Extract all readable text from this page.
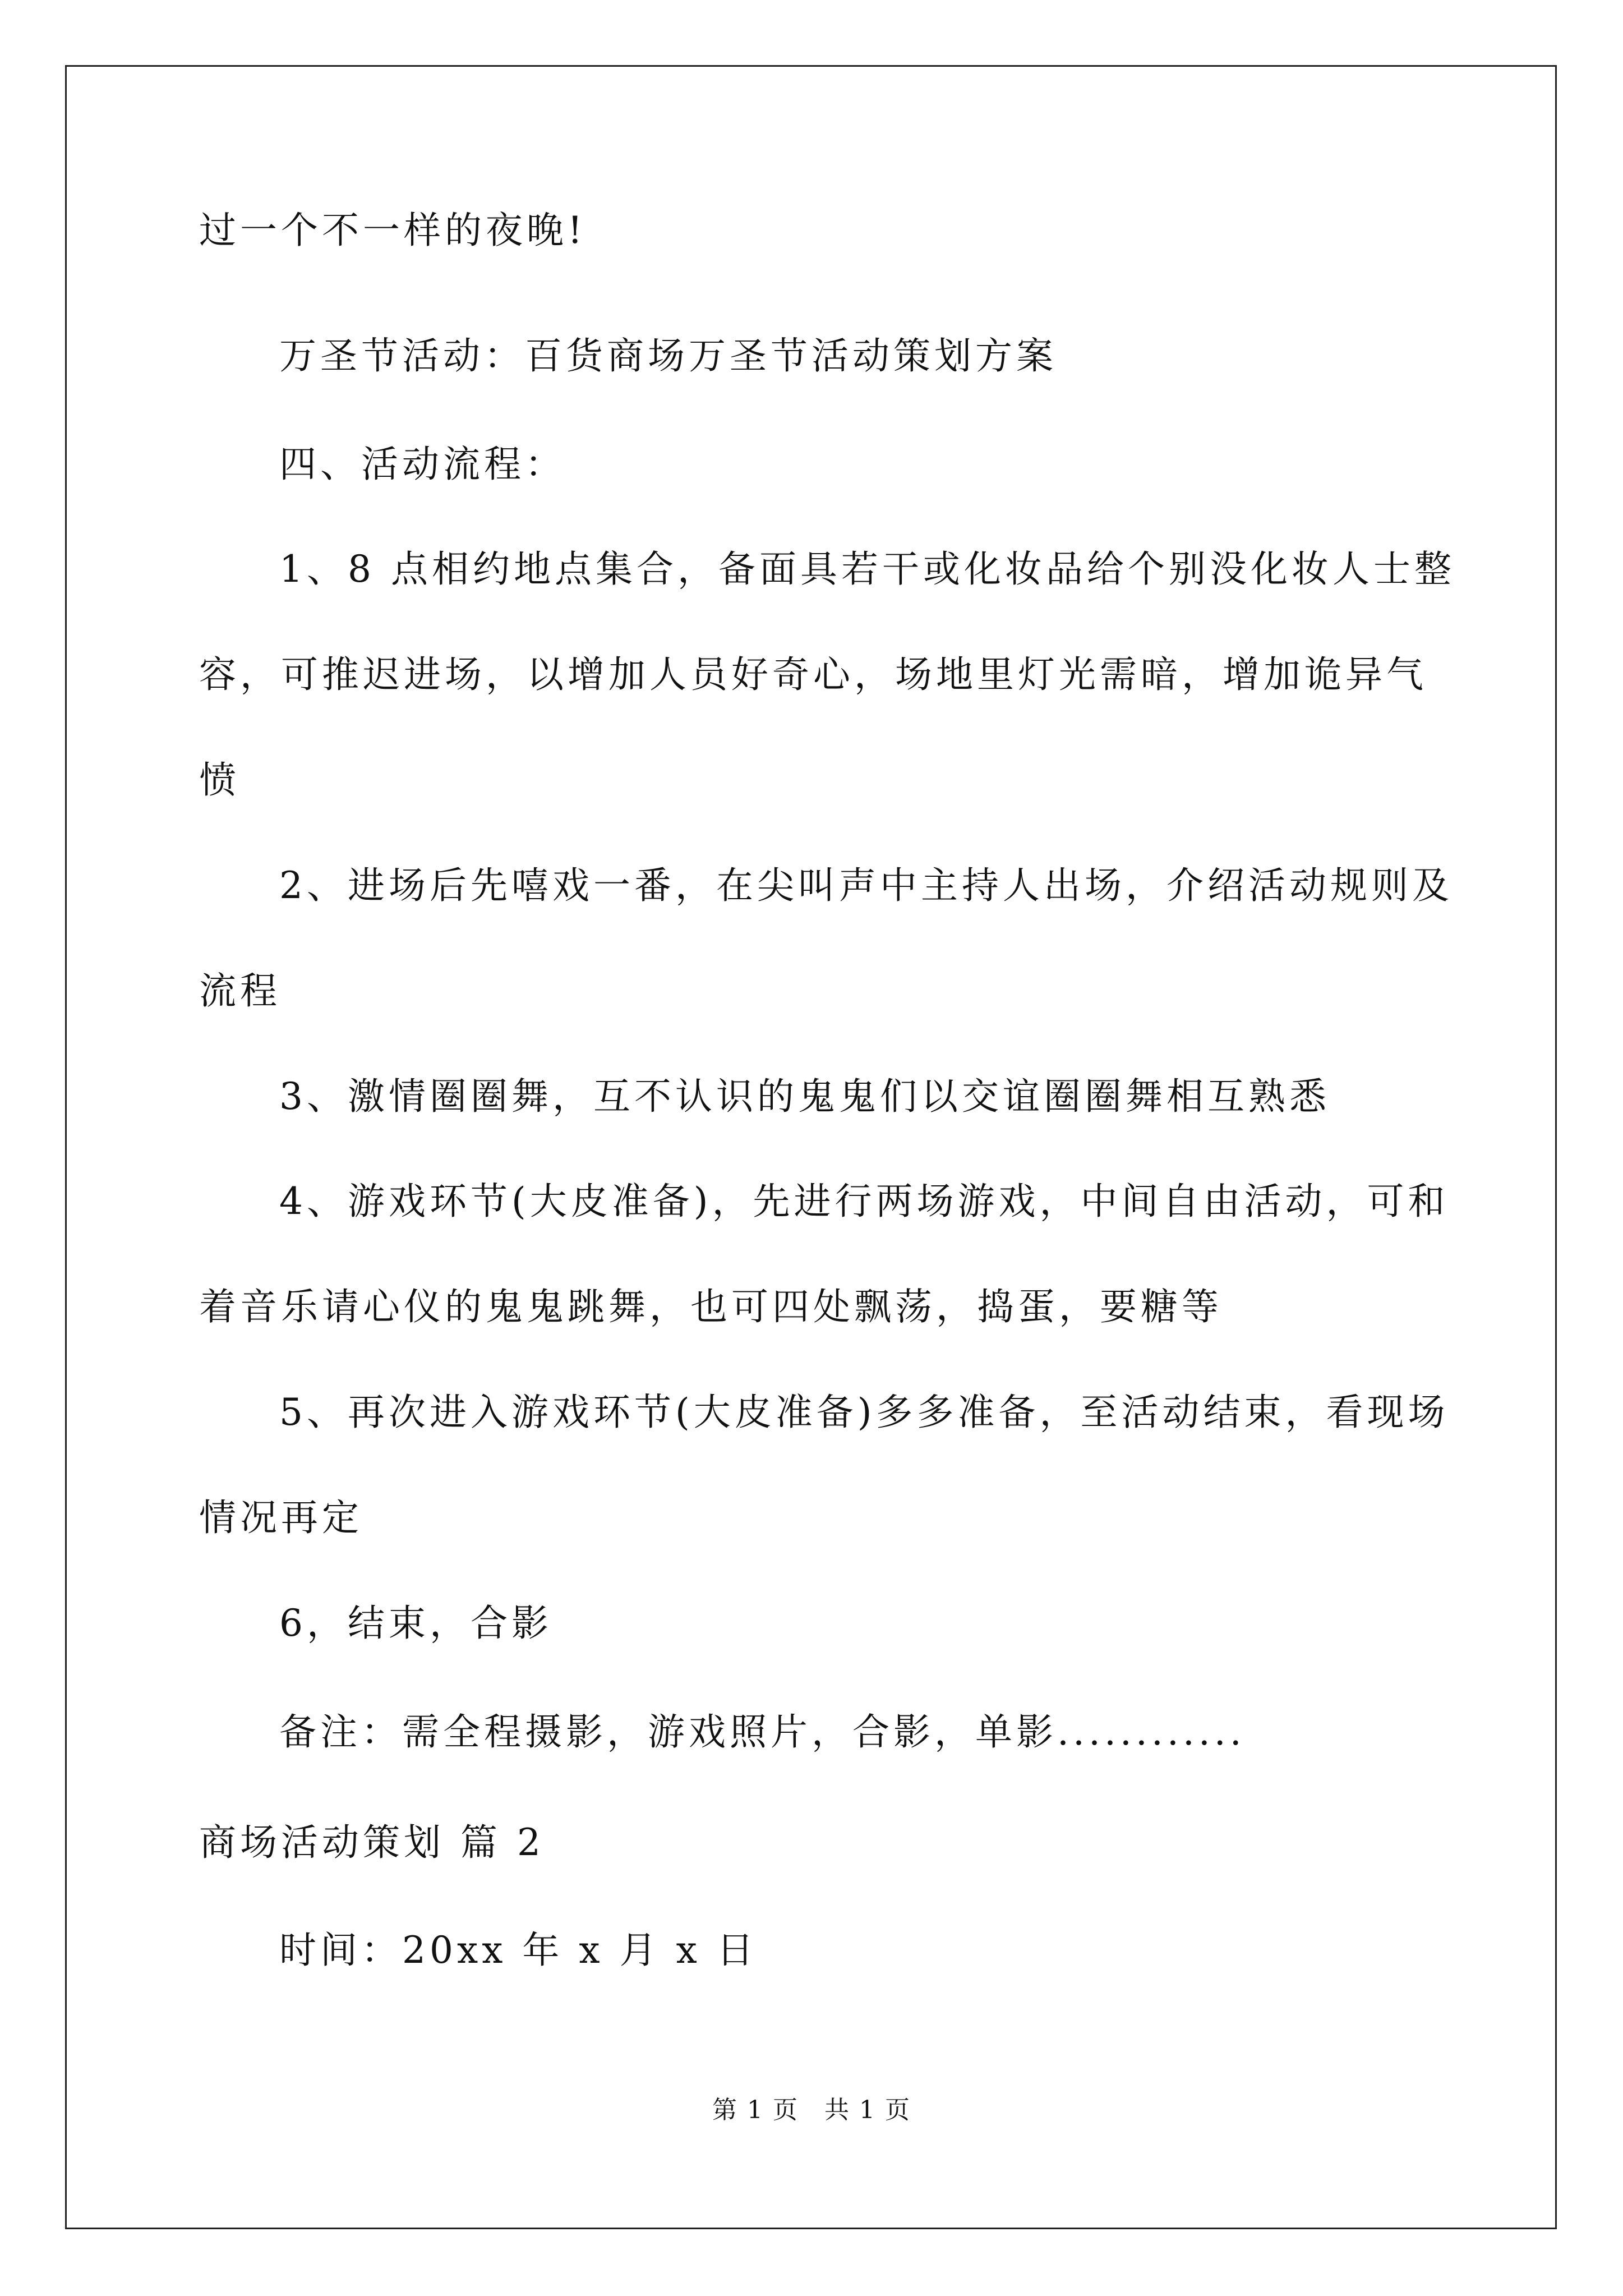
过一个不一样的夜晚!
万圣节活动：百货商场万圣节活动策划方案
四、活动流程：
1、8 点相约地点集合，备面具若干或化妆品给个别没化妆人士整
容，可推迟进场，以增加人员好奇心，场地里灯光需暗，增加诡异气
愤
2、进场后先嘻戏一番，在尖叫声中主持人出场，介绍活动规则及
流程
3、激情圈圈舞，互不认识的鬼鬼们以交谊圈圈舞相互熟悉
4、游戏环节(大皮准备)，先进行两场游戏，中间自由活动，可和
着音乐请心仪的鬼鬼跳舞，也可四处飘荡，捣蛋，要糖等
5、再次进入游戏环节(大皮准备)多多准备，至活动结束，看现场
情况再定
6，结束，合影
备注：需全程摄影，游戏照片，合影，单影............
商场活动策划 篇 2
时间：20xx 年 x 月 x 日
第 1 页　共 1 页
